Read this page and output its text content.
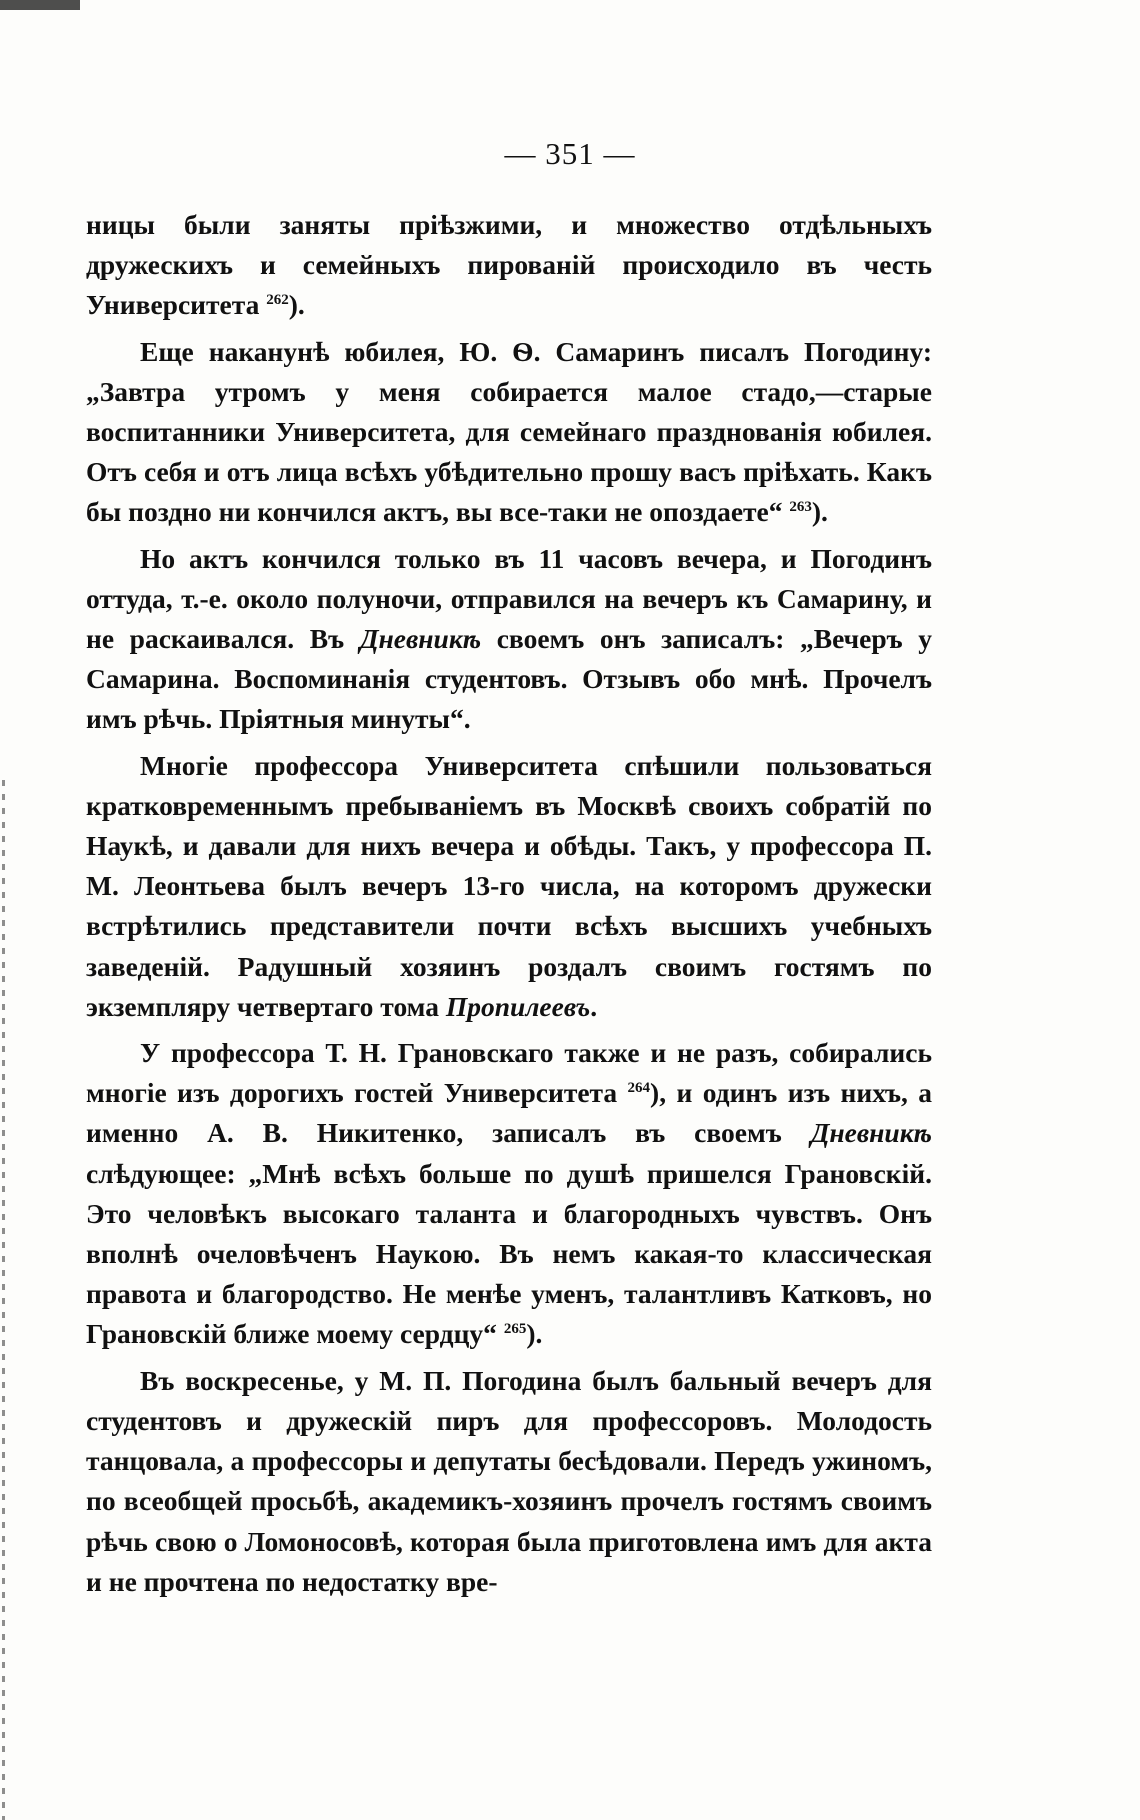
— 351 —

ницы были заняты пріѣзжими, и множество отдѣльныхъ дружескихъ и семейныхъ пированій происходило въ честь Университета $^{262}$).

Еще наканунѣ юбилея, Ю. Ѳ. Самаринъ писалъ Погодину: „Завтра утромъ у меня собирается малое стадо,—старые воспитанники Университета, для семейнаго празднованія юбилея. Отъ себя и отъ лица всѣхъ убѣдительно прошу васъ пріѣхать. Какъ бы поздно ни кончился актъ, вы все-таки не опоздаете“ $^{263}$).

Но актъ кончился только въ 11 часовъ вечера, и Погодинъ оттуда, т.-е. около полуночи, отправился на вечеръ къ Самарину, и не раскаивался. Въ Дневникѣ своемъ онъ записалъ: „Вечеръ у Самарина. Воспоминанія студентовъ. Отзывъ обо мнѣ. Прочелъ имъ рѣчь. Пріятныя минуты“.

Многіе профессора Университета спѣшили пользоваться кратковременнымъ пребываніемъ въ Москвѣ своихъ собратій по Наукѣ, и давали для нихъ вечера и обѣды. Такъ, у профессора П. М. Леонтьева былъ вечеръ 13-го числа, на которомъ дружески встрѣтились представители почти всѣхъ высшихъ учебныхъ заведеній. Радушный хозяинъ роздалъ своимъ гостямъ по экземпляру четвертаго тома Пропилеевъ.

У профессора Т. Н. Грановскаго также и не разъ, собирались многіе изъ дорогихъ гостей Университета $^{264}$), и одинъ изъ нихъ, а именно А. В. Никитенко, записалъ въ своемъ Дневникѣ слѣдующее: „Мнѣ всѣхъ больше по душѣ пришелся Грановскій. Это человѣкъ высокаго таланта и благородныхъ чувствъ. Онъ вполнѣ очеловѣченъ Наукою. Въ немъ какая-то классическая правота и благородство. Не менѣе уменъ, талантливъ Катковъ, но Грановскій ближе моему сердцу“ $^{265}$).

Въ воскресенье, у М. П. Погодина былъ бальный вечеръ для студентовъ и дружескій пиръ для профессоровъ. Молодость танцовала, а профессоры и депутаты бесѣдовали. Передъ ужиномъ, по всеобщей просьбѣ, академикъ-хозяинъ прочелъ гостямъ своимъ рѣчь свою о Ломоносовѣ, которая была приготовлена имъ для акта и не прочтена по недостатку вре-
